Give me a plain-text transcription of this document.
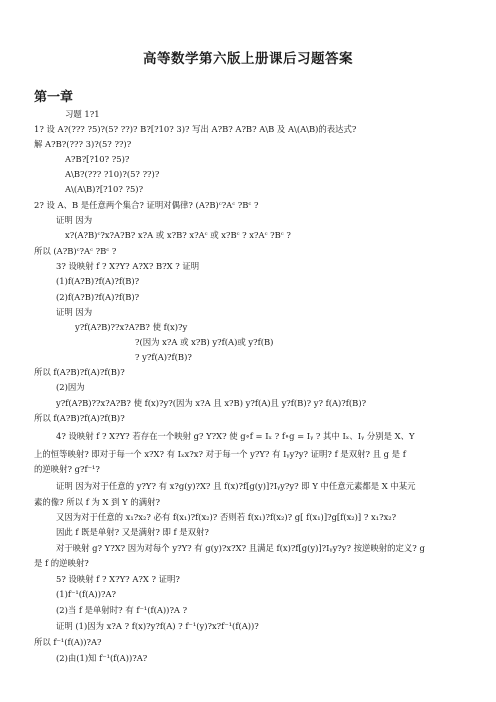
高等数学第六版上册课后习题答案
第一章
习题 1?1
1? 设 A?(??? ?5)?(5? ??)? B?[?10? 3)? 写出 A?B? A?B? A\B 及 A\(A\B)的表达式?
解 A?B?(??? 3)?(5? ??)?
A?B?[?10? ?5)?
A\B?(??? ?10)?(5? ??)?
A\(A\B)?[?10? ?5)?
2? 设 A、B 是任意两个集合? 证明对偶律? (A?B)ᶜ?Aᶜ ?Bᶜ ?
证明 因为
x?(A?B)ᶜ?x?A?B? x?A 或 x?B? x?Aᶜ 或 x?Bᶜ ? x?Aᶜ ?Bᶜ ?
所以 (A?B)ᶜ?Aᶜ ?Bᶜ ?
3? 设映射 f ? X?Y? A?X? B?X ? 证明
(1)f(A?B)?f(A)?f(B)?
(2)f(A?B)?f(A)?f(B)?
证明 因为
y?f(A?B)??x?A?B? 使 f(x)?y
?(因为 x?A 或 x?B) y?f(A)或 y?f(B)
? y?f(A)?f(B)?
所以 f(A?B)?f(A)?f(B)?
(2)因为
y?f(A?B)??x?A?B? 使 f(x)?y?(因为 x?A 且 x?B) y?f(A)且 y?f(B)? y? f(A)?f(B)?
所以 f(A?B)?f(A)?f(B)?
4? 设映射 f ? X?Y? 若存在一个映射 g? Y?X? 使 g∘f = Iₓ ? f∘g = Iᵧ ? 其中 Iₓ、Iᵧ 分别是 X、Y
上的恒等映射? 即对于每一个 x?X? 有 Iₓx?x? 对于每一个 y?Y? 有 Iᵧy?y? 证明? f 是双射? 且 g 是 f
的逆映射? g?f⁻¹?
证明 因为对于任意的 y?Y? 有 x?g(y)?X? 且 f(x)?f[g(y)]?Iᵧy?y? 即 Y 中任意元素都是 X 中某元
素的像? 所以 f 为 X 到 Y 的满射?
又因为对于任意的 x₁?x₂? 必有 f(x₁)?f(x₂)? 否则若 f(x₁)?f(x₂)? g[ f(x₁)]?g[f(x₂)] ? x₁?x₂?
因此 f 既是单射? 又是满射? 即 f 是双射?
对于映射 g? Y?X? 因为对每个 y?Y? 有 g(y)?x?X? 且满足 f(x)?f[g(y)]?Iᵧy?y? 按逆映射的定义? g
是 f 的逆映射?
5? 设映射 f ? X?Y? A?X ? 证明?
(1)f⁻¹(f(A))?A?
(2)当 f 是单射时? 有 f⁻¹(f(A))?A ?
证明 (1)因为 x?A ? f(x)?y?f(A) ? f⁻¹(y)?x?f⁻¹(f(A))?
所以 f⁻¹(f(A))?A?
(2)由(1)知 f⁻¹(f(A))?A?
